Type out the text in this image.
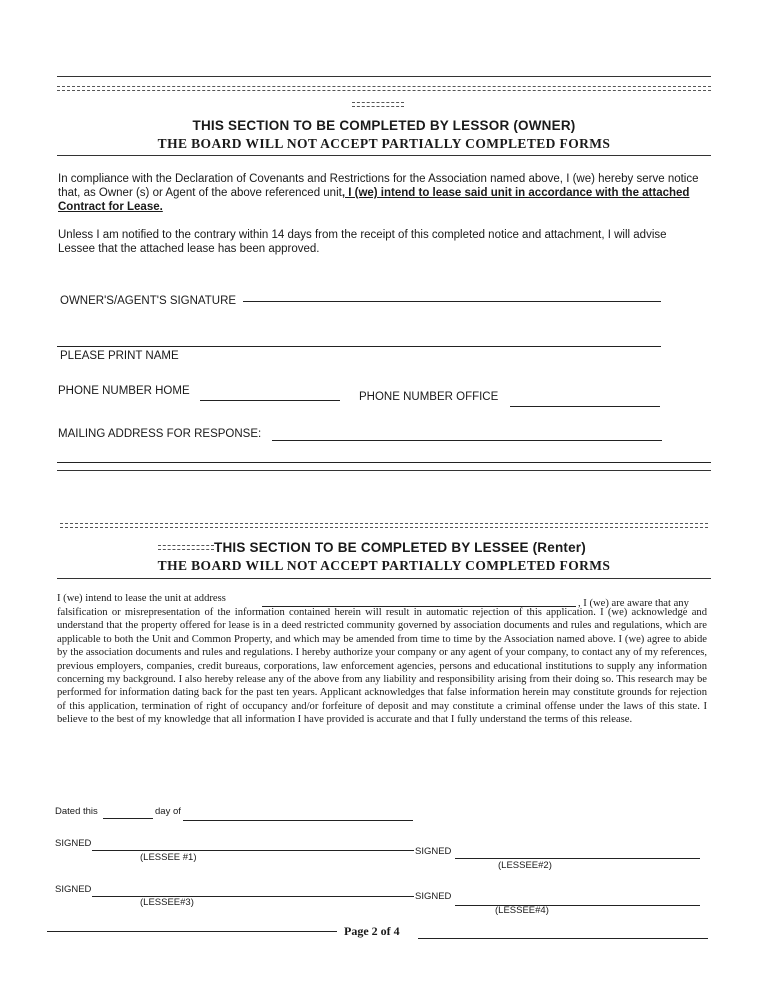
THIS SECTION TO BE COMPLETED BY LESSOR (OWNER)
THE BOARD WILL NOT ACCEPT PARTIALLY COMPLETED FORMS
In compliance with the Declaration of Covenants and Restrictions for the Association named above, I (we) hereby serve notice that, as Owner (s) or Agent of the above referenced unit, I (we) intend to lease said unit in accordance with the attached Contract for Lease.
Unless I am notified to the contrary within 14 days from the receipt of this completed notice and attachment, I will advise Lessee that the attached lease has been approved.
OWNER'S/AGENT'S SIGNATURE
PLEASE PRINT NAME
PHONE NUMBER HOME	PHONE NUMBER OFFICE
MAILING ADDRESS FOR RESPONSE:
THIS SECTION TO BE COMPLETED BY LESSEE (Renter)
THE BOARD WILL NOT ACCEPT PARTIALLY COMPLETED FORMS
I (we) intend to lease the unit at address	, I (we) are aware that any
falsification or misrepresentation of the information contained herein will result in automatic rejection of this application. I (we) acknowledge and understand that the property offered for lease is in a deed restricted community governed by association documents and rules and regulations, which are applicable to both the Unit and Common Property, and which may be amended from time to time by the Association named above. I (we) agree to abide by the association documents and rules and regulations. I hereby authorize your company or any agent of your company, to contact any of my references, previous employers, companies, credit bureaus, corporations, law enforcement agencies, persons and educational institutions to supply any information concerning my background. I also hereby release any of the above from any liability and responsibility arising from their doing so. This research may be performed for information dating back for the past ten years. Applicant acknowledges that false information herein may constitute grounds for rejection of this application, termination of right of occupancy and/or forfeiture of deposit and may constitute a criminal offense under the laws of this state. I believe to the best of my knowledge that all information I have provided is accurate and that I fully understand the terms of this release.
Dated this	day of
SIGNED
(LESSEE #1)
SIGNED
(LESSEE#2)
SIGNED
(LESSEE#3)
SIGNED
(LESSEE#4)
Page 2 of 4
